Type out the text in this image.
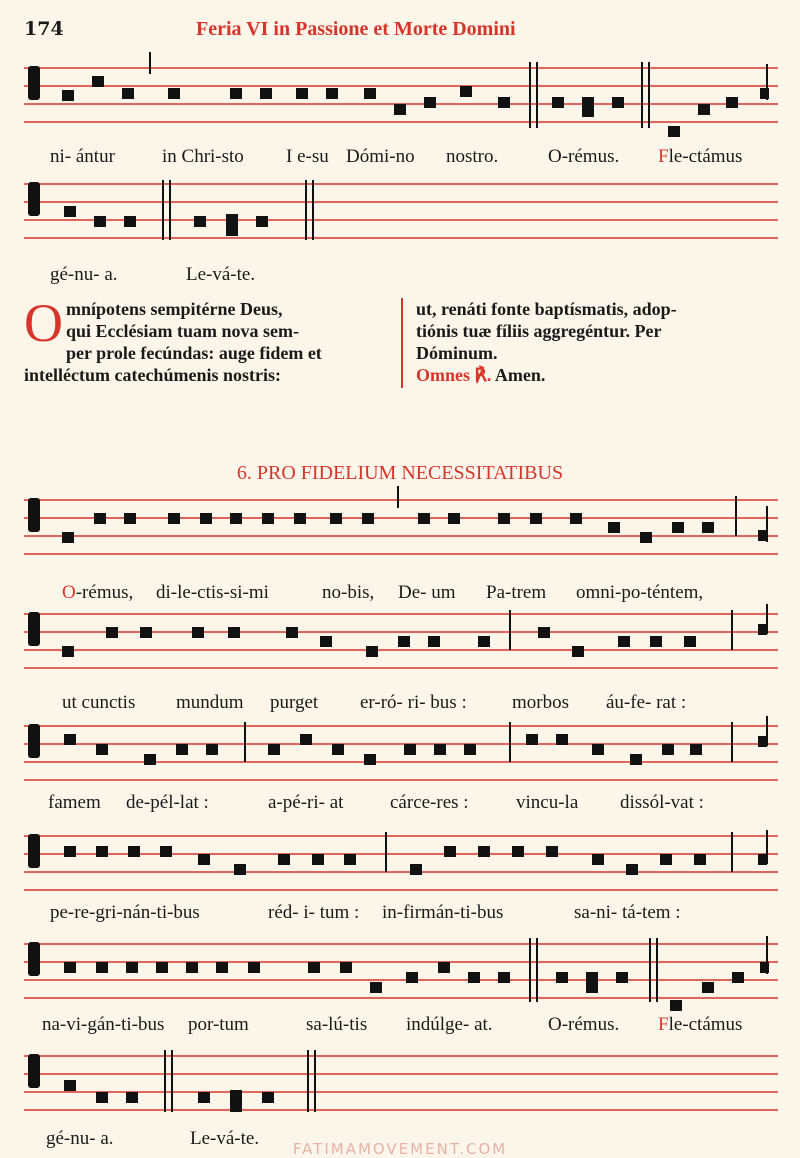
174	Feria VI in Passione et Morte Domini
ni- ántur in Chri-sto I e-su Dómi-no nostro.	O-rémus. Fle-ctámus
gé-nu- a.	Le-vá-te.
O mnípotens sempitérne Deus,
qui Ecclésiam tuam nova sem-
per prole fecúndas: auge fidem et
intelléctum catechúmenis nostris:
ut, renáti fonte baptísmatis, adop-
tiónis tuæ fíliis aggregéntur. Per
Dóminum.
Omnes ℟. Amen.
6. PRO FIDELIUM NECESSITATIBUS
O-rémus, di-le-ctis-si-mi	no-bis, De- um Pa-trem omni-po-téntem,
ut cunctis mundum purget er-ró- ri- bus : morbos áu-fe- rat :
famem de-pél-lat :	a-pé-ri- at cárce-res : vincu-la dissól-vat :
pe-re-gri-nán-ti-bus	réd- i- tum : in-firmán-ti-bus	sa-ni- tá-tem :
na-vi-gán-ti-bus por-tum	sa-lú-tis indúlge- at.	O-rémus. Fle-ctámus
gé-nu- a.	Le-vá-te.	FATIMAMOVEMENT.COM
